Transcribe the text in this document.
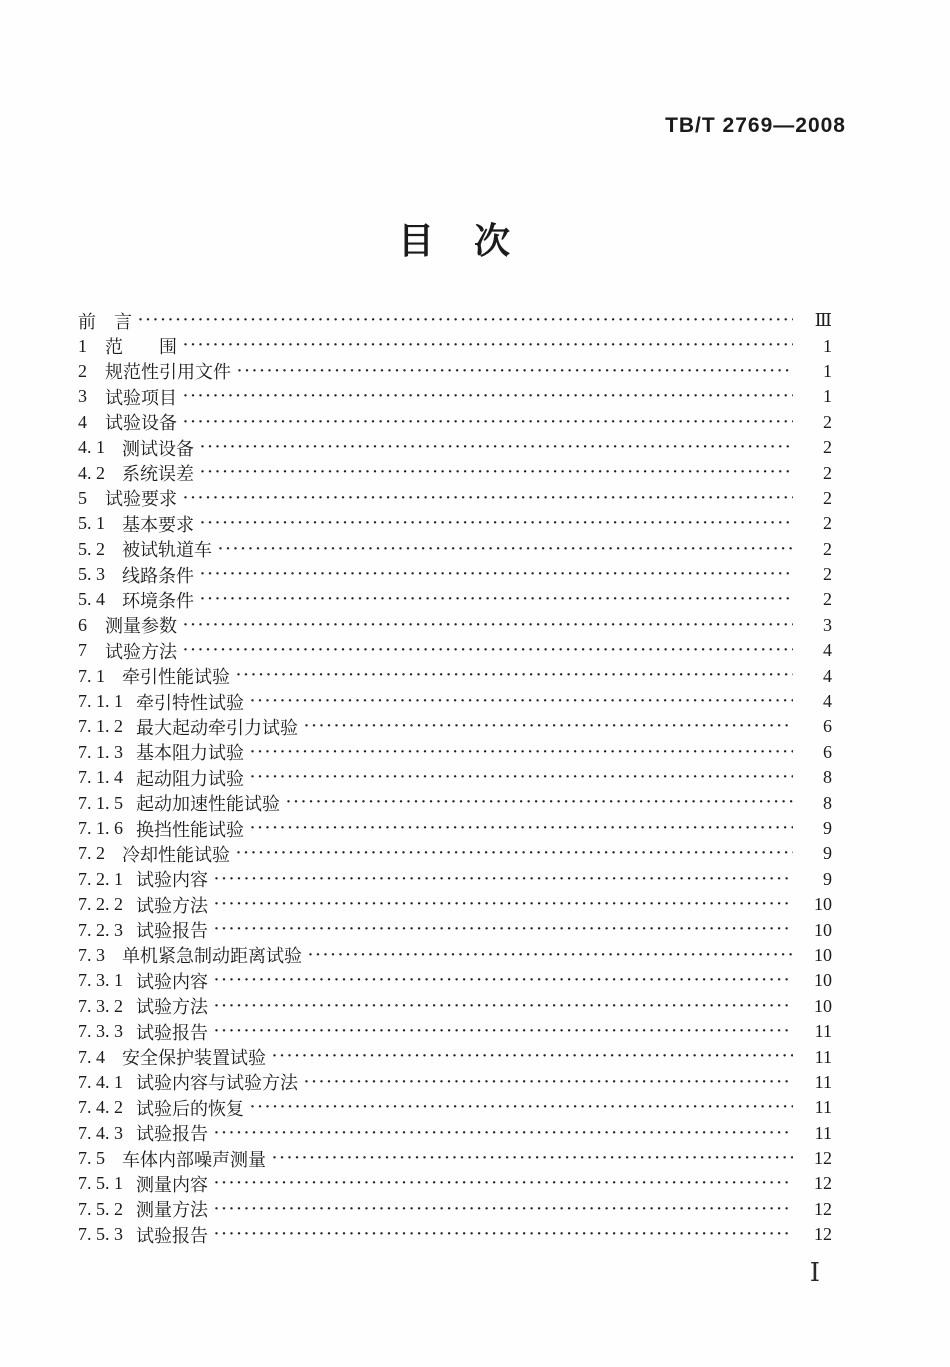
TB/T 2769—2008
目　次
前　言 ·····	Ⅲ
1	范　　围 ·····	1
2	规范性引用文件 ·····	1
3	试验项目 ·····	1
4	试验设备 ·····	2
4. 1 测试设备 ·····	2
4. 2 系统误差 ·····	2
5	试验要求 ·····	2
5. 1 基本要求 ·····	2
5. 2 被试轨道车 ·····	2
5. 3 线路条件 ·····	2
5. 4 环境条件 ·····	2
6	测量参数 ·····	3
7	试验方法 ·····	4
7. 1 牵引性能试验 ·····	4
7. 1. 1 牵引特性试验 ·····	4
7. 1. 2 最大起动牵引力试验 ·····	6
7. 1. 3 基本阻力试验 ·····	6
7. 1. 4 起动阻力试验 ·····	8
7. 1. 5 起动加速性能试验 ·····	8
7. 1. 6 换挡性能试验 ·····	9
7. 2 冷却性能试验 ·····	9
7. 2. 1 试验内容 ·····	9
7. 2. 2 试验方法 ·····	10
7. 2. 3 试验报告 ·····	10
7. 3 单机紧急制动距离试验 ·····	10
7. 3. 1 试验内容 ·····	10
7. 3. 2 试验方法 ·····	10
7. 3. 3 试验报告 ·····	11
7. 4 安全保护装置试验 ·····	11
7. 4. 1 试验内容与试验方法 ·····	11
7. 4. 2 试验后的恢复 ·····	11
7. 4. 3 试验报告 ·····	11
7. 5 车体内部噪声测量 ·····	12
7. 5. 1 测量内容 ·····	12
7. 5. 2 测量方法 ·····	12
7. 5. 3 试验报告 ·····	12
Ⅰ
